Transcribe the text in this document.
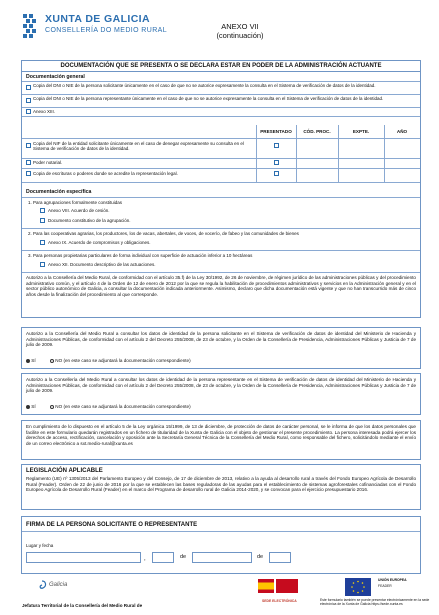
XUNTA DE GALICIA
CONSELLERÍA DO MEDIO RURAL	ANEXO VII
(continuación)
DOCUMENTACIÓN QUE SE PRESENTA O SE DECLARA ESTAR EN PODER DE LA ADMINISTRACIÓN ACTUANTE
Documentación general
Copia del DNI o NIE de la persona solicitante únicamente en el caso de que no se autorice expresamente la consulta en el Sistema de verificación de datos de la identidad.
Copia del DNI o NIE de la persona representante únicamente en el caso de que no se autorice expresamente la consulta en el Sistema de verificación de datos de la identidad.
Anexo XIII.
PRESENTADO	CÓD. PROC.	EXPTE.	AÑO
Copia del NIF de la entidad solicitante únicamente en el caso de denegar expresamente su consulta en el Sistema de verificación de datos de la identidad.
Poder notarial.
Copia de escrituras o poderes donde se acredite la representación legal.
Documentación específica
1. Para agrupaciones formalmente constituidas
Anexo VIII. Acuerdo de cesión.
Documento constitutivo de la agrupación.
2. Para las cooperativas agrarias, los productores, los de vacas, abertales, de voces, de vocerío, de fabeo y las comunidades de bienes
Anexo IX. Acuerdo de compromisos y obligaciones.
3. Para personas propietarias particulares de forma individual con superficie de actuación inferior a 10 hectáreas
Anexo XII. Documento descriptivo de las actuaciones.
Autorizo a la Consellería del Medio Rural, de conformidad con el artículo 35.f) de la Ley 30/1992, de 26 de noviembre, de régimen jurídico de las administraciones públicas y del procedimiento administrativo común, y el artículo 4 de la Orden de 12 de enero de 2012 por la que se regula la habilitación de procedimientos administrativos y servicios en la Administración general y en el sector público autonómico de Galicia, a consultar la documentación indicada anteriormente. Asimismo, declaro que dicha documentación está vigente y que no han transcurrido más de cinco años desde la finalización del procedimiento al que corresponde.
Autorizo a la Consellería del Medio Rural a consultar los datos de identidad de la persona solicitante en el Sistema de verificación de datos de identidad del Ministerio de Hacienda y Administraciones Públicas, de conformidad con el artículo 2 del Decreto 255/2008, de 23 de octubre, y la Orden de la Consellería de Presidencia, Administraciones Públicas y Justicia de 7 de julio de 2009.
SÍ	NO (en este caso se adjuntará la documentación correspondiente)
Autorizo a la Consellería del Medio Rural a consultar los datos de identidad de la persona representante en el Sistema de verificación de datos de identidad del Ministerio de Hacienda y Administraciones Públicas, de conformidad con el artículo 2 del Decreto 255/2008, de 23 de octubre, y la Orden de la Consellería de Presidencia, Administraciones Públicas y Justicia de 7 de julio de 2009.
SÍ	NO (en este caso se adjuntará la documentación correspondiente)
En cumplimiento de lo dispuesto en el artículo 5 de la Ley orgánica 15/1999, de 13 de diciembre, de protección de datos de carácter personal, se le informa de que los datos personales que facilite en este formulario quedarán registrados en un fichero de titularidad de la Xunta de Galicia con el objeto de gestionar el presente procedimiento. La persona interesada podrá ejercer los derechos de acceso, rectificación, cancelación y oposición ante la Secretaría General Técnica de la Consellería del Medio Rural, como responsable del fichero, solicitándolo mediante el envío de un correo electrónico a sxt.medio-rural@xunta.es
LEGISLACIÓN APLICABLE
Reglamento (UE) nº 1305/2013 del Parlamento Europeo y del Consejo, de 17 de diciembre de 2013, relativo a la ayuda al desarrollo rural a través del Fondo Europeo Agrícola de Desarrollo Rural (Feader). Orden de 22 de junio de 2016 por la que se establecen las bases reguladoras de las ayudas para el establecimiento de sistemas agroforestales cofinanciadas con el Fondo Europeo Agrícola de Desarrollo Rural (Feader) en el marco del Programa de desarrollo rural de Galicia 2014-2020, y se convocan para el ejercicio presupuestario 2016.
FIRMA DE LA PERSONA SOLICITANTE O REPRESENTANTE
Lugar y fecha
,	de	de
Galicia
UNIÓN EUROPEA
FEADER
SEDE ELECTRÓNICA	Este formulario también se puede presentar electrónicamente en la sede electrónica de la Xunta de Galicia https://sede.xunta.es
Jefatura Territorial de la Consellería del Medio Rural de
